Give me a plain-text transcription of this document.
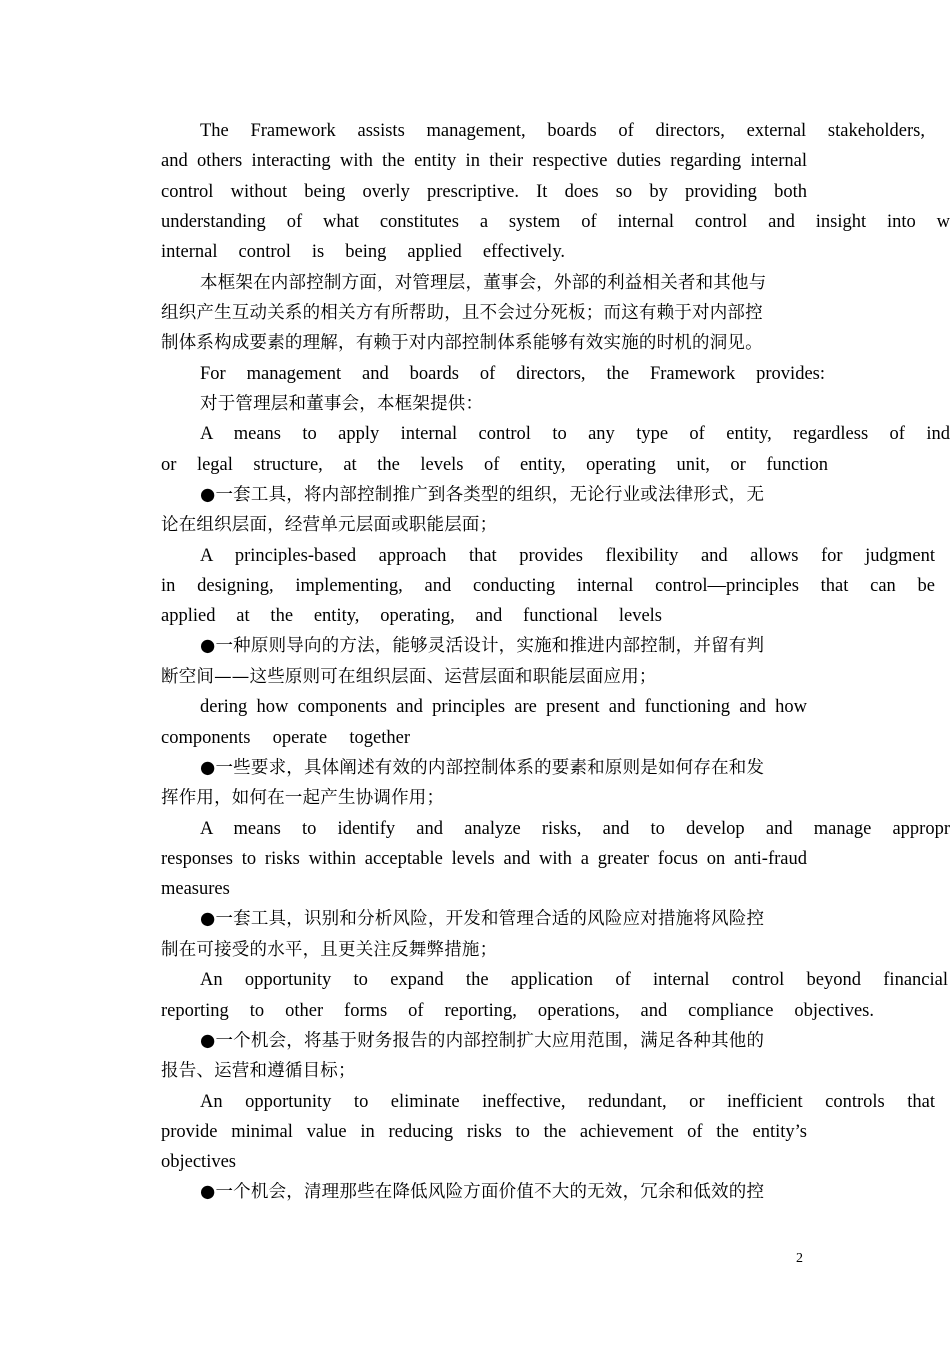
The Framework assists management, boards of directors, external stakeholders,
and others interacting with the entity in their respective duties regarding internal
control without being overly prescriptive. It does so by providing both
understanding of what constitutes a system of internal control and insight into w
internal control is being applied effectively.
本框架在内部控制方面，对管理层，董事会，外部的利益相关者和其他与
组织产生互动关系的相关方有所帮助，且不会过分死板；而这有赖于对内部控
制体系构成要素的理解，有赖于对内部控制体系能够有效实施的时机的洞见。
For management and boards of directors, the Framework provides:
对于管理层和董事会，本框架提供：
A means to apply internal control to any type of entity, regardless of ind
or legal structure, at the levels of entity, operating unit, or function
●一套工具，将内部控制推广到各类型的组织，无论行业或法律形式，无
论在组织层面，经营单元层面或职能层面；
A principles-based approach that provides flexibility and allows for judgment
in designing, implementing, and conducting internal control—principles that can be
applied at the entity, operating, and functional levels
●一种原则导向的方法，能够灵活设计，实施和推进内部控制，并留有判
断空间——这些原则可在组织层面、运营层面和职能层面应用；
dering how components and principles are present and functioning and how
components operate together
●一些要求，具体阐述有效的内部控制体系的要素和原则是如何存在和发
挥作用，如何在一起产生协调作用；
A means to identify and analyze risks, and to develop and manage appropr
responses to risks within acceptable levels and with a greater focus on anti-fraud
measures
●一套工具，识别和分析风险，开发和管理合适的风险应对措施将风险控
制在可接受的水平，且更关注反舞弊措施；
An opportunity to expand the application of internal control beyond financial
reporting to other forms of reporting, operations, and compliance objectives.
●一个机会，将基于财务报告的内部控制扩大应用范围，满足各种其他的
报告、运营和遵循目标；
An opportunity to eliminate ineffective, redundant, or inefficient controls that
provide minimal value in reducing risks to the achievement of the entity’s
objectives
●一个机会，清理那些在降低风险方面价值不大的无效，冗余和低效的控
2
